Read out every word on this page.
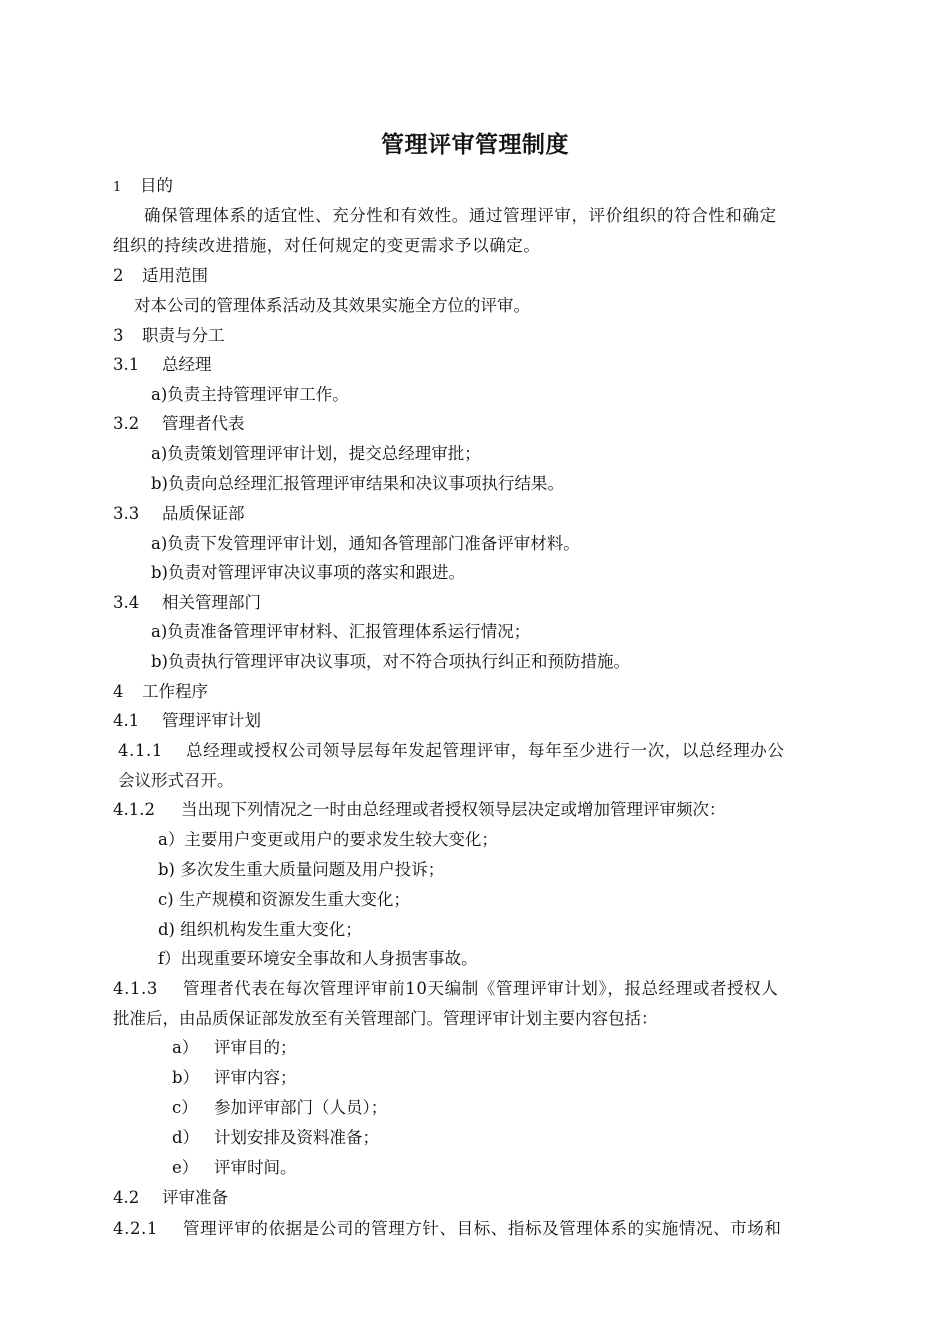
管理评审管理制度
1 目的
确保管理体系的适宜性、充分性和有效性。通过管理评审，评价组织的符合性和确定
组织的持续改进措施，对任何规定的变更需求予以确定。
2 适用范围
对本公司的管理体系活动及其效果实施全方位的评审。
3 职责与分工
3.1 总经理
a)负责主持管理评审工作。
3.2 管理者代表
a)负责策划管理评审计划，提交总经理审批；
b)负责向总经理汇报管理评审结果和决议事项执行结果。
3.3 品质保证部
a)负责下发管理评审计划，通知各管理部门准备评审材料。
b)负责对管理评审决议事项的落实和跟进。
3.4 相关管理部门
a)负责准备管理评审材料、汇报管理体系运行情况；
b)负责执行管理评审决议事项，对不符合项执行纠正和预防措施。
4 工作程序
4.1 管理评审计划
4.1.1 总经理或授权公司领导层每年发起管理评审，每年至少进行一次，以总经理办公
会议形式召开。
4.1.2 当出现下列情况之一时由总经理或者授权领导层决定或增加管理评审频次：
a）主要用户变更或用户的要求发生较大变化；
b) 多次发生重大质量问题及用户投诉；
c) 生产规模和资源发生重大变化；
d) 组织机构发生重大变化；
f）出现重要环境安全事故和人身损害事故。
4.1.3 管理者代表在每次管理评审前10天编制《管理评审计划》，报总经理或者授权人
批准后，由品质保证部发放至有关管理部门。管理评审计划主要内容包括：
a） 评审目的；
b） 评审内容；
c） 参加评审部门（人员）；
d） 计划安排及资料准备；
e） 评审时间。
4.2 评审准备
4.2.1 管理评审的依据是公司的管理方针、目标、指标及管理体系的实施情况、市场和
